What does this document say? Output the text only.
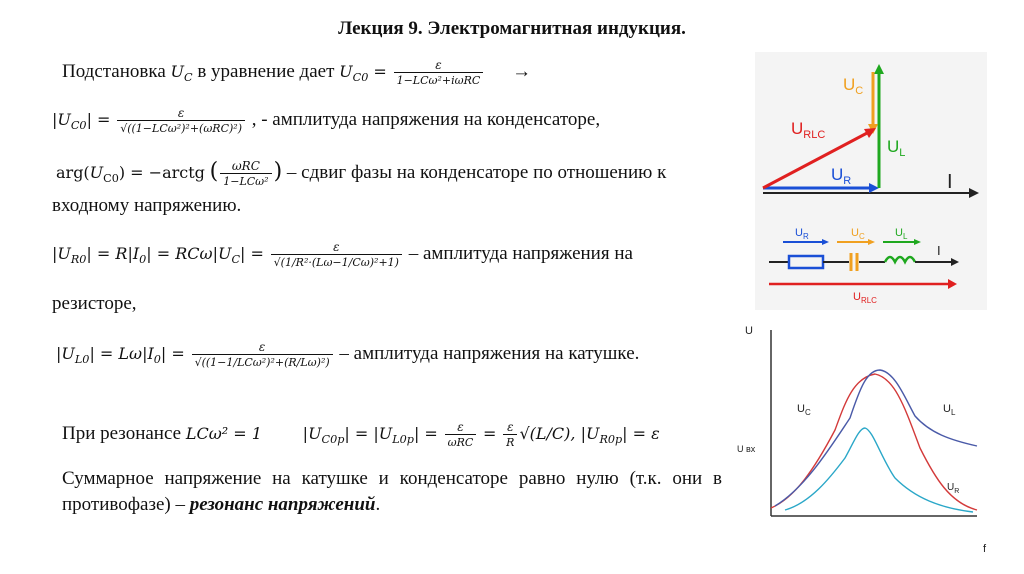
Лекция 9. Электромагнитная индукция.
Подстановка $U_C$ в уравнение дает $U_{C0} = \frac{\varepsilon}{\text{1−LCω²+iωRC}}$ →
$|U_{C0}| = \frac{\varepsilon}{\text{√((1−LCω²)²+(ωRC)²)}}$ , - амплитуда напряжения на конденсаторе,
$arg(U_{C0})$ = −arctg ( $\frac{\text{ωRC}}{\text{1−LCω²}}$ ) – сдвиг фазы на конденсаторе по отношению к
входному напряжению.
$|U_{R0}| = R|I_0| = RC\omega|U_C| = \frac{\varepsilon}{\text{√(1/R²·(Lω−1/Cω)²+1)}}$ – амплитуда напряжения на
резисторе,
$|U_{L0}| = L\omega|I_0| = \frac{\varepsilon}{\text{√((1−1/LCω²)²+(R/Lω)²)}}$ – амплитуда напряжения на катушке.
При резонансе LCω² = 1	$|U_{C0p}| = |U_{L0p}| = \frac{\varepsilon}{\text{ωRC}} = \frac{\varepsilon}{R} √(L/C)$, $|U_{R0p}| = \varepsilon$
Суммарное напряжение на катушке и конденсаторе равно нулю (т.к. они в противофазе) – резонанс напряжений.
I
$U_R$
$U_L$
$U_C$
$U_{RLC}$
$U_R$	$U_C$	$U_L$
I
$U_{RLC}$
U
f
U вх
$U_C$	$U_L$
$U_R$
